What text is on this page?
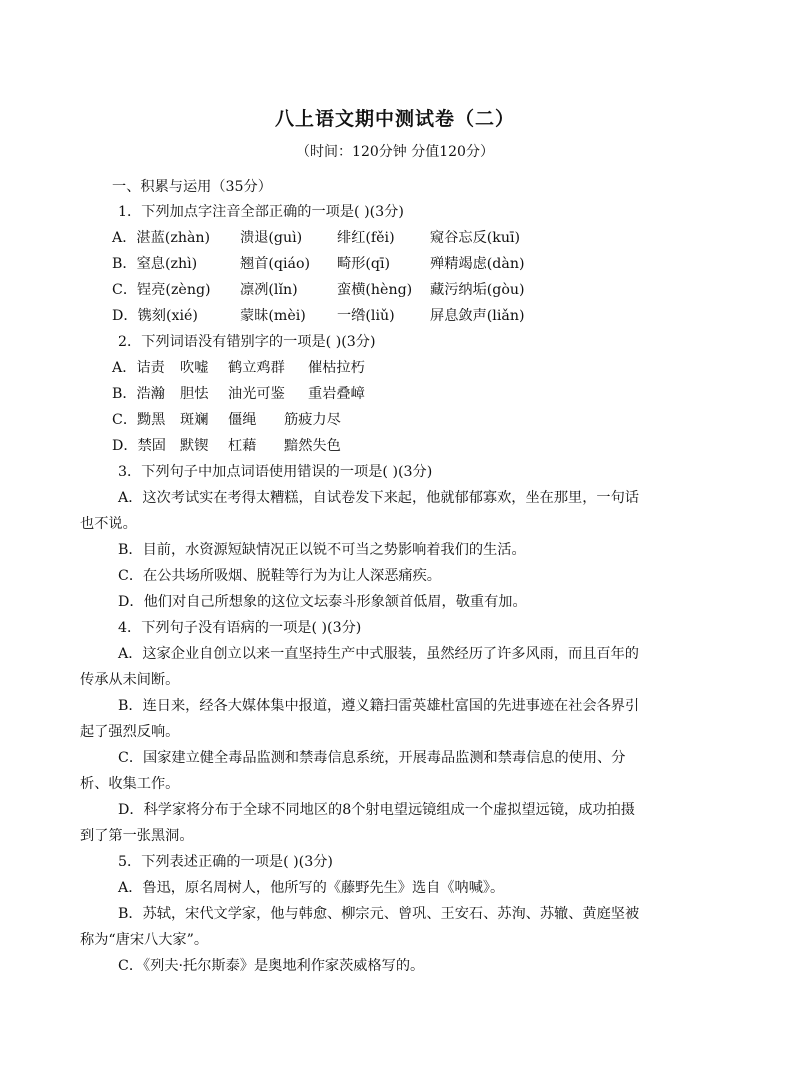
八上语文期中测试卷（二）
（时间：120分钟 分值120分）
一、积累与运用（35分）
1．下列加点字注音全部正确的一项是( )(3分)
A．湛蓝(zhàn) 溃退(guì) 绯红(fěi) 窥谷忘反(kuī)
B．窒息(zhì)	翘首(qiáo) 畸形(qī)	殚精竭虑(dàn)
C．锃亮(zèng) 凛冽(lǐn)	蛮横(hèng) 藏污纳垢(gòu)
D．镌刻(xié)	蒙昧(mèi) 一绺(liǔ) 屏息敛声(liǎn)
2．下列词语没有错别字的一项是( )(3分)
A．诘责 吹嘘 鹤立鸡群 催枯拉朽
B．浩瀚 胆怯 油光可鉴 重岩叠嶂
C．黝黑 斑斓 僵绳 筋疲力尽
D．禁固 默锲 杠藉 黯然失色
3．下列句子中加点词语使用错误的一项是( )(3分)
A．这次考试实在考得太糟糕，自试卷发下来起，他就郁郁寡欢，坐在那里，一句话
也不说。
B．目前，水资源短缺情况正以锐不可当之势影响着我们的生活。
C．在公共场所吸烟、脱鞋等行为为让人深恶痛疾。
D．他们对自己所想象的这位文坛泰斗形象颔首低眉，敬重有加。
4．下列句子没有语病的一项是( )(3分)
A．这家企业自创立以来一直坚持生产中式服装，虽然经历了许多风雨，而且百年的
传承从未间断。
B．连日来，经各大媒体集中报道，遵义籍扫雷英雄杜富国的先进事迹在社会各界引
起了强烈反响。
C．国家建立健全毒品监测和禁毒信息系统，开展毒品监测和禁毒信息的使用、分
析、收集工作。
D．科学家将分布于全球不同地区的8个射电望远镜组成一个虚拟望远镜，成功拍摄
到了第一张黑洞。
5．下列表述正确的一项是( )(3分)
A．鲁迅，原名周树人，他所写的《藤野先生》选自《呐喊》。
B．苏轼，宋代文学家，他与韩愈、柳宗元、曾巩、王安石、苏洵、苏辙、黄庭坚被
称为“唐宋八大家”。
C．《列夫·托尔斯泰》是奥地利作家茨威格写的。
